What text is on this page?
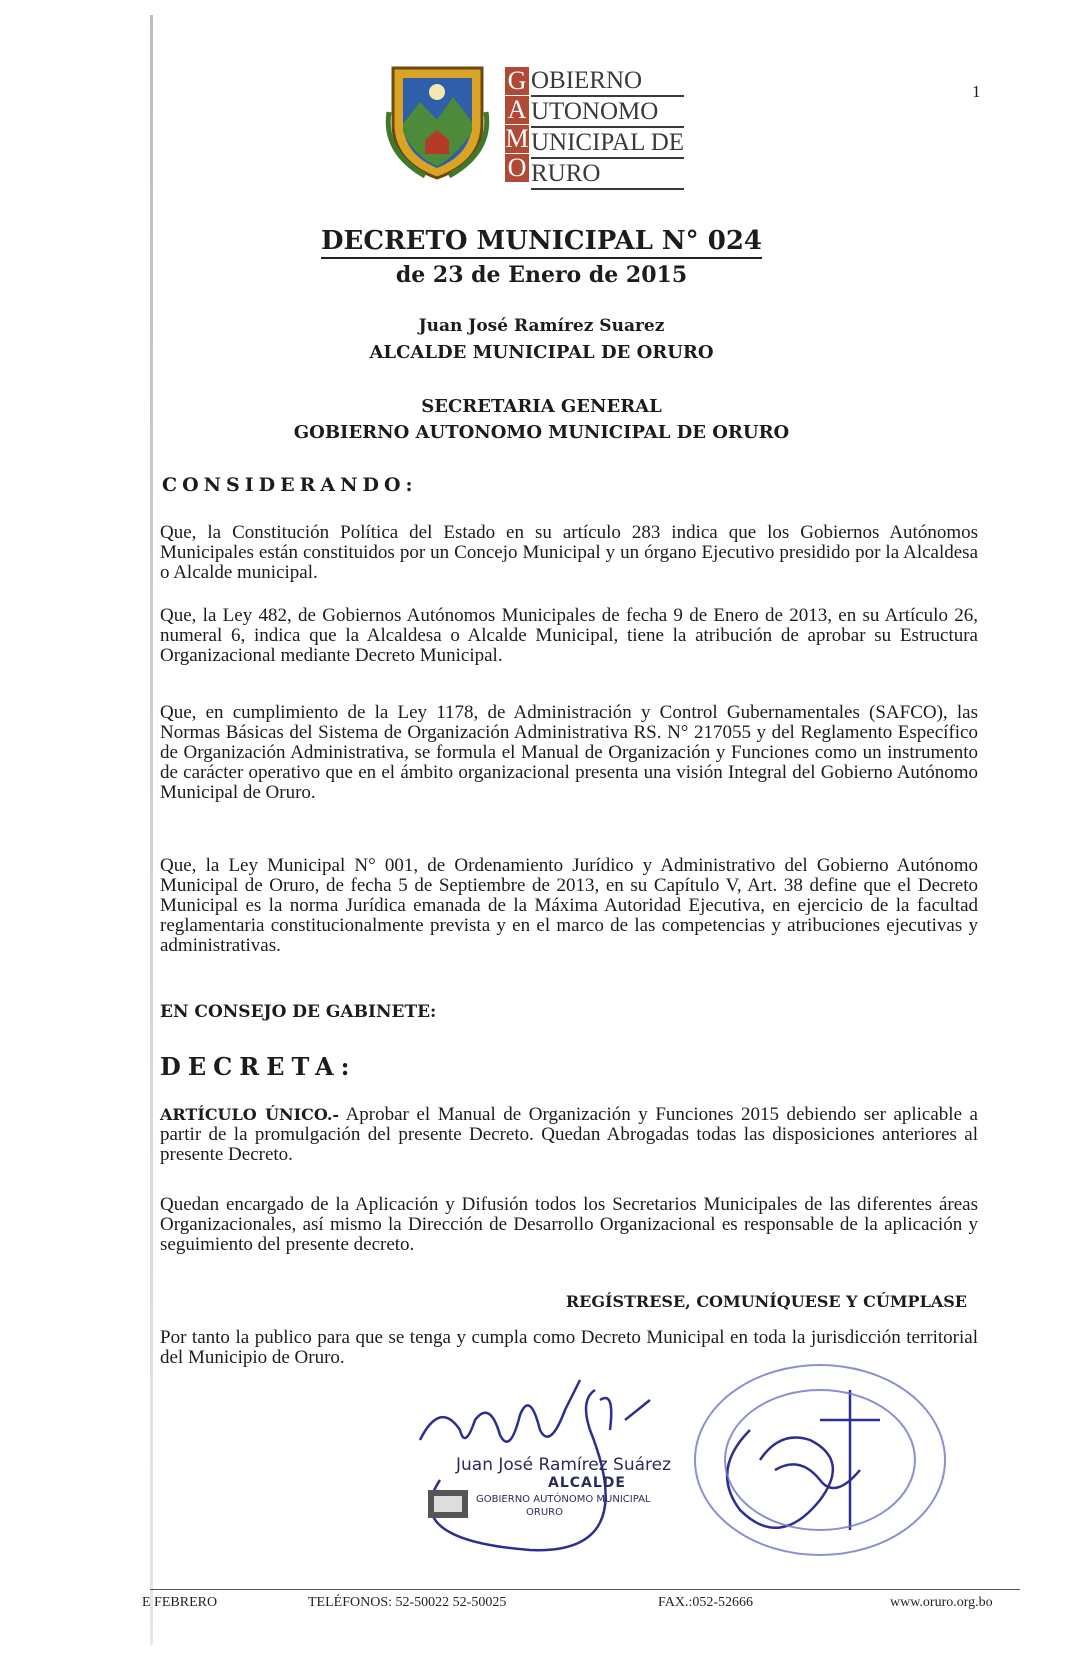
1
G
A
M
O
OBIERNO
UTONOMO
UNICIPAL DE
RURO
DECRETO MUNICIPAL N° 024
de 23 de Enero de 2015
Juan José Ramírez Suarez
ALCALDE MUNICIPAL DE ORURO
SECRETARIA GENERAL
GOBIERNO AUTONOMO MUNICIPAL DE ORURO
CONSIDERANDO:
Que, la Constitución Política del Estado en su artículo 283 indica que los Gobiernos Autónomos Municipales están constituidos por un Concejo Municipal y un órgano Ejecutivo presidido por la Alcaldesa o Alcalde municipal.
Que, la Ley 482, de Gobiernos Autónomos Municipales de fecha 9 de Enero de 2013, en su Artículo 26, numeral 6, indica que la Alcaldesa o Alcalde Municipal, tiene la atribución de aprobar su Estructura Organizacional mediante Decreto Municipal.
Que, en cumplimiento de la Ley 1178, de Administración y Control Gubernamentales (SAFCO), las Normas Básicas del Sistema de Organización Administrativa RS. N° 217055 y del Reglamento Específico de Organización Administrativa, se formula el Manual de Organización y Funciones como un instrumento de carácter operativo que en el ámbito organizacional presenta una visión Integral del Gobierno Autónomo Municipal de Oruro.
Que, la Ley Municipal N° 001, de Ordenamiento Jurídico y Administrativo del Gobierno Autónomo Municipal de Oruro, de fecha 5 de Septiembre de 2013, en su Capítulo V, Art. 38 define que el Decreto Municipal es la norma Jurídica emanada de la Máxima Autoridad Ejecutiva, en ejercicio de la facultad reglamentaria constitucionalmente prevista y en el marco de las competencias y atribuciones ejecutivas y administrativas.
EN CONSEJO DE GABINETE:
DECRETA:
ARTÍCULO ÚNICO.- Aprobar el Manual de Organización y Funciones 2015 debiendo ser aplicable a partir de la promulgación del presente Decreto. Quedan Abrogadas todas las disposiciones anteriores al presente Decreto.
Quedan encargado de la Aplicación y Difusión todos los Secretarios Municipales de las diferentes áreas Organizacionales, así mismo la Dirección de Desarrollo Organizacional es responsable de la aplicación y seguimiento del presente decreto.
REGÍSTRESE, COMUNÍQUESE Y CÚMPLASE
Por tanto la publico para que se tenga y cumpla como Decreto Municipal en toda la jurisdicción territorial del Municipio de Oruro.
Juan José Ramírez Suárez
ALCALDE
GOBIERNO AUTÓNOMO MUNICIPAL
ORURO
E FEBRERO	TELÉFONOS: 52-50022 52-50025	FAX.:052-52666	www.oruro.org.bo
